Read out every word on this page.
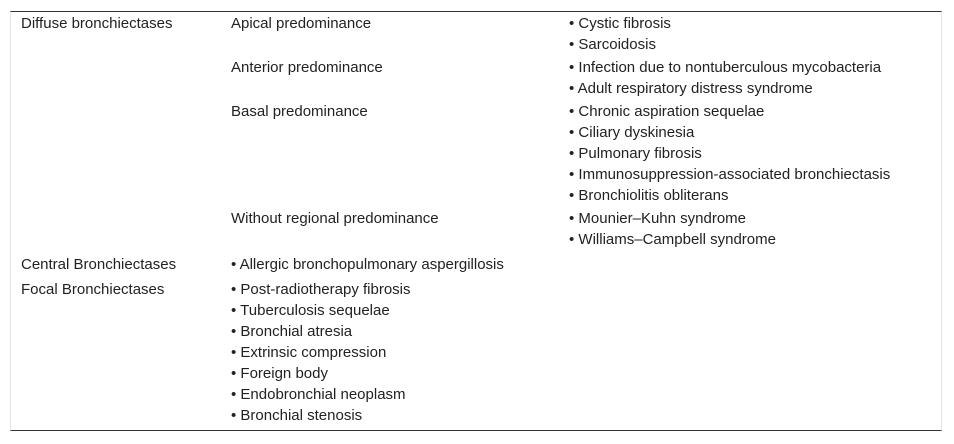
Diffuse bronchiectases	Apical predominance	• Cystic fibrosis
• Sarcoidosis
Anterior predominance	• Infection due to nontuberculous mycobacteria
• Adult respiratory distress syndrome
Basal predominance	• Chronic aspiration sequelae
• Ciliary dyskinesia
• Pulmonary fibrosis
• Immunosuppression-associated bronchiectasis
• Bronchiolitis obliterans
Without regional predominance	• Mounier–Kuhn syndrome
• Williams–Campbell syndrome
Central Bronchiectases	• Allergic bronchopulmonary aspergillosis
Focal Bronchiectases	• Post-radiotherapy fibrosis
• Tuberculosis sequelae
• Bronchial atresia
• Extrinsic compression
• Foreign body
• Endobronchial neoplasm
• Bronchial stenosis
